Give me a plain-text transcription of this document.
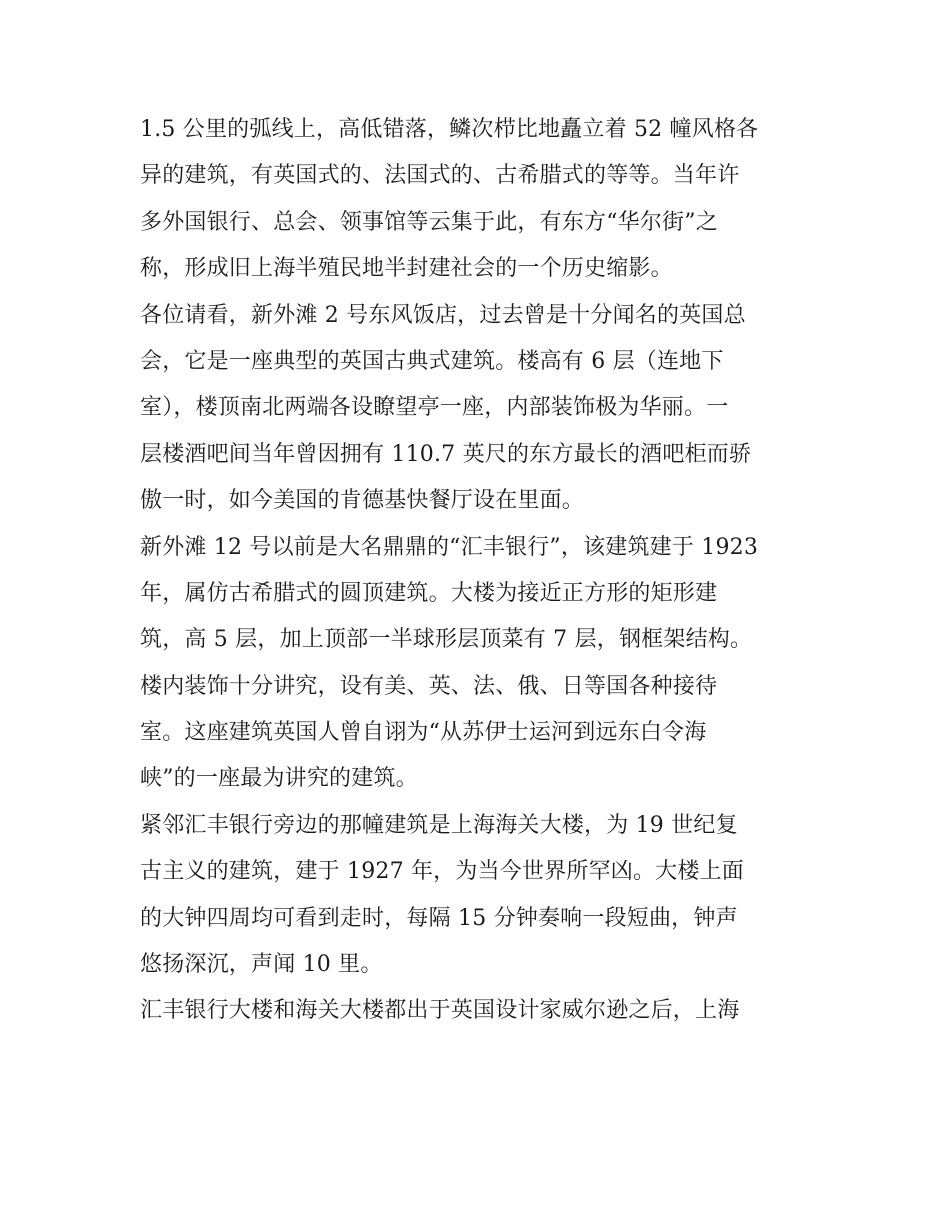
1.5 公里的弧线上，高低错落，鳞次栉比地矗立着 52 幢风格各
异的建筑，有英国式的、法国式的、古希腊式的等等。当年许
多外国银行、总会、领事馆等云集于此，有东方“华尔街”之
称，形成旧上海半殖民地半封建社会的一个历史缩影。
各位请看，新外滩 2 号东风饭店，过去曾是十分闻名的英国总
会，它是一座典型的英国古典式建筑。楼高有 6 层（连地下
室），楼顶南北两端各设瞭望亭一座，内部装饰极为华丽。一
层楼酒吧间当年曾因拥有 110.7 英尺的东方最长的酒吧柜而骄
傲一时，如今美国的肯德基快餐厅设在里面。
新外滩 12 号以前是大名鼎鼎的“汇丰银行”，该建筑建于 1923
年，属仿古希腊式的圆顶建筑。大楼为接近正方形的矩形建
筑，高 5 层，加上顶部一半球形层顶菜有 7 层，钢框架结构。
楼内装饰十分讲究，设有美、英、法、俄、日等国各种接待
室。这座建筑英国人曾自诩为“从苏伊士运河到远东白令海
峡”的一座最为讲究的建筑。
紧邻汇丰银行旁边的那幢建筑是上海海关大楼，为 19 世纪复
古主义的建筑，建于 1927 年，为当今世界所罕凶。大楼上面
的大钟四周均可看到走时，每隔 15 分钟奏响一段短曲，钟声
悠扬深沉，声闻 10 里。
汇丰银行大楼和海关大楼都出于英国设计家威尔逊之后，上海
